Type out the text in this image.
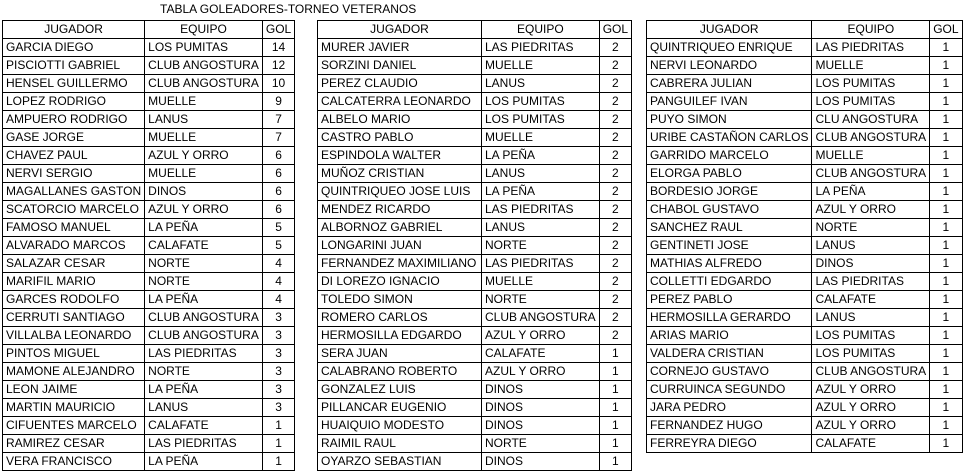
TABLA GOLEADORES-TORNEO VETERANOS
JUGADOR	EQUIPO	GOL
GARCIA DIEGO	LOS PUMITAS	14
PISCIOTTI GABRIEL	CLUB ANGOSTURA	12
HENSEL GUILLERMO	CLUB ANGOSTURA	10
LOPEZ RODRIGO	MUELLE	9
AMPUERO RODRIGO	LANUS	7
GASE JORGE	MUELLE	7
CHAVEZ PAUL	AZUL Y ORRO	6
NERVI SERGIO	MUELLE	6
MAGALLANES GASTON	DINOS	6
SCATORCIO MARCELO	AZUL Y ORRO	6
FAMOSO MANUEL	LA PEÑA	5
ALVARADO MARCOS	CALAFATE	5
SALAZAR CESAR	NORTE	4
MARIFIL MARIO	NORTE	4
GARCES RODOLFO	LA PEÑA	4
CERRUTI SANTIAGO	CLUB ANGOSTURA	3
VILLALBA LEONARDO	CLUB ANGOSTURA	3
PINTOS MIGUEL	LAS PIEDRITAS	3
MAMONE ALEJANDRO	NORTE	3
LEON JAIME	LA PEÑA	3
MARTIN MAURICIO	LANUS	3
CIFUENTES MARCELO	CALAFATE	1
RAMIREZ CESAR	LAS PIEDRITAS	1
VERA FRANCISCO	LA PEÑA	1
JUGADOR	EQUIPO	GOL
MURER JAVIER	LAS PIEDRITAS	2
SORZINI DANIEL	MUELLE	2
PEREZ CLAUDIO	LANUS	2
CALCATERRA LEONARDO	LOS PUMITAS	2
ALBELO MARIO	LOS PUMITAS	2
CASTRO PABLO	MUELLE	2
ESPINDOLA WALTER	LA PEÑA	2
MUÑOZ CRISTIAN	LANUS	2
QUINTRIQUEO JOSE LUIS	LA PEÑA	2
MENDEZ RICARDO	LAS PIEDRITAS	2
ALBORNOZ GABRIEL	LANUS	2
LONGARINI JUAN	NORTE	2
FERNANDEZ MAXIMILIANO	LAS PIEDRITAS	2
DI LOREZO IGNACIO	MUELLE	2
TOLEDO SIMON	NORTE	2
ROMERO CARLOS	CLUB ANGOSTURA	2
HERMOSILLA EDGARDO	AZUL Y ORRO	2
SERA JUAN	CALAFATE	1
CALABRANO ROBERTO	AZUL Y ORRO	1
GONZALEZ LUIS	DINOS	1
PILLANCAR EUGENIO	DINOS	1
HUAIQUIO MODESTO	DINOS	1
RAIMIL RAUL	NORTE	1
OYARZO SEBASTIAN	DINOS	1
JUGADOR	EQUIPO	GOL
QUINTRIQUEO ENRIQUE	LAS PIEDRITAS	1
NERVI LEONARDO	MUELLE	1
CABRERA JULIAN	LOS PUMITAS	1
PANGUILEF IVAN	LOS PUMITAS	1
PUYO SIMON	CLU ANGOSTURA	1
URIBE CASTAÑON CARLOS	CLUB ANGOSTURA	1
GARRIDO MARCELO	MUELLE	1
ELORGA PABLO	CLUB ANGOSTURA	1
BORDESIO JORGE	LA PEÑA	1
CHABOL GUSTAVO	AZUL Y ORRO	1
SANCHEZ RAUL	NORTE	1
GENTINETI JOSE	LANUS	1
MATHIAS ALFREDO	DINOS	1
COLLETTI EDGARDO	LAS PIEDRITAS	1
PEREZ PABLO	CALAFATE	1
HERMOSILLA GERARDO	LANUS	1
ARIAS MARIO	LOS PUMITAS	1
VALDERA CRISTIAN	LOS PUMITAS	1
CORNEJO GUSTAVO	CLUB ANGOSTURA	1
CURRUINCA SEGUNDO	AZUL Y ORRO	1
JARA PEDRO	AZUL Y ORRO	1
FERNANDEZ HUGO	AZUL Y ORRO	1
FERREYRA DIEGO	CALAFATE	1
